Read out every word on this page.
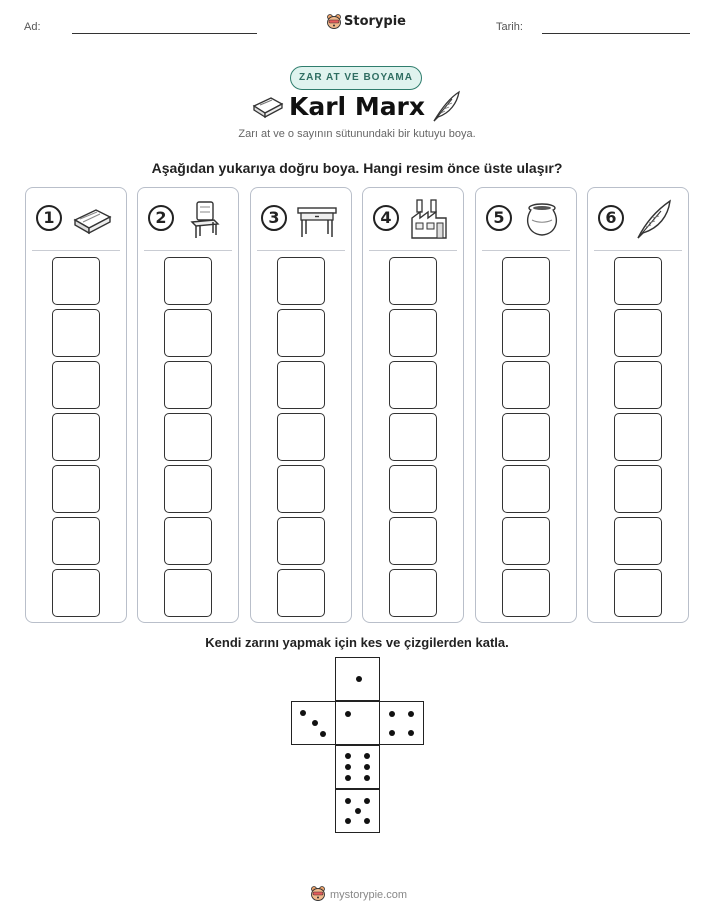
Ad:	Storypie	Tarih:
ZAR AT VE BOYAMA
Karl Marx
Zarı at ve o sayının sütunundaki bir kutuyu boya.
Aşağıdan yukarıya doğru boya. Hangi resim önce üste ulaşır?
1	2	3	4	5	6
Kendi zarını yapmak için kes ve çizgilerden katla.
mystorypie.com
